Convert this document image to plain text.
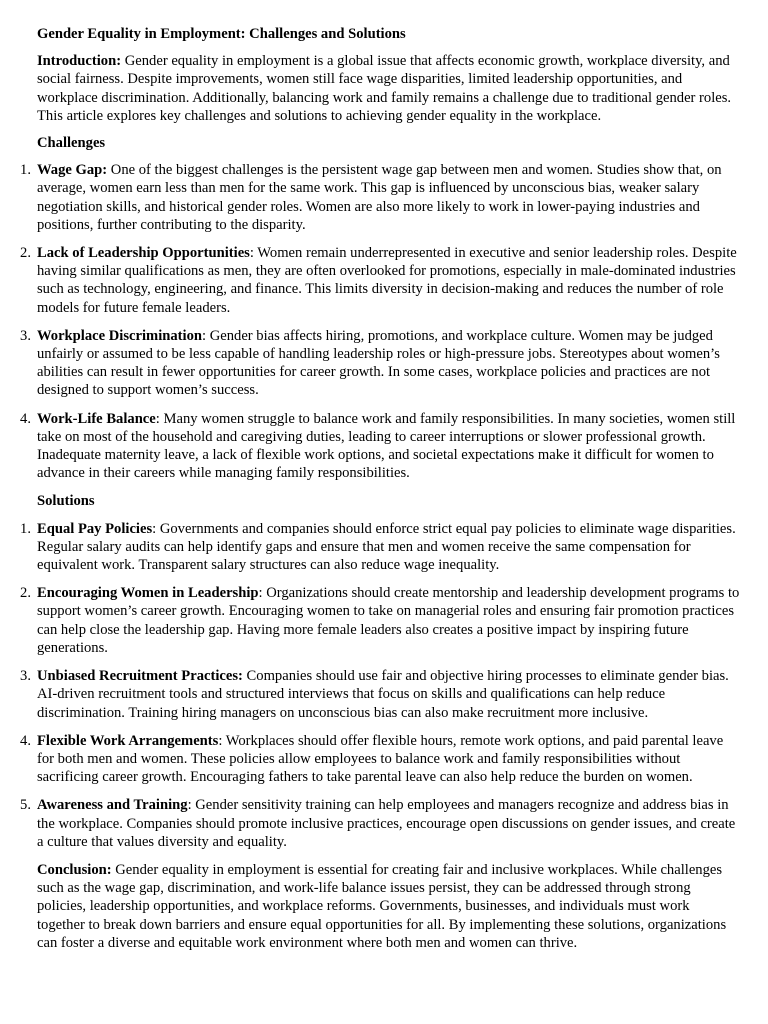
Gender Equality in Employment: Challenges and Solutions

Introduction: Gender equality in employment is a global issue that affects economic growth, workplace diversity, and social fairness. Despite improvements, women still face wage disparities, limited leadership opportunities, and workplace discrimination. Additionally, balancing work and family remains a challenge due to traditional gender roles. This article explores key challenges and solutions to achieving gender equality in the workplace.

Challenges
1. Wage Gap: One of the biggest challenges is the persistent wage gap between men and women. Studies show that, on average, women earn less than men for the same work. This gap is influenced by unconscious bias, weaker salary negotiation skills, and historical gender roles. Women are also more likely to work in lower-paying industries and positions, further contributing to the disparity.
2. Lack of Leadership Opportunities: Women remain underrepresented in executive and senior leadership roles. Despite having similar qualifications as men, they are often overlooked for promotions, especially in male-dominated industries such as technology, engineering, and finance. This limits diversity in decision-making and reduces the number of role models for future female leaders.
3. Workplace Discrimination: Gender bias affects hiring, promotions, and workplace culture. Women may be judged unfairly or assumed to be less capable of handling leadership roles or high-pressure jobs. Stereotypes about women’s abilities can result in fewer opportunities for career growth. In some cases, workplace policies and practices are not designed to support women’s success.
4. Work-Life Balance: Many women struggle to balance work and family responsibilities. In many societies, women still take on most of the household and caregiving duties, leading to career interruptions or slower professional growth. Inadequate maternity leave, a lack of flexible work options, and societal expectations make it difficult for women to advance in their careers while managing family responsibilities.
Solutions
1. Equal Pay Policies: Governments and companies should enforce strict equal pay policies to eliminate wage disparities. Regular salary audits can help identify gaps and ensure that men and women receive the same compensation for equivalent work. Transparent salary structures can also reduce wage inequality.
2. Encouraging Women in Leadership: Organizations should create mentorship and leadership development programs to support women’s career growth. Encouraging women to take on managerial roles and ensuring fair promotion practices can help close the leadership gap. Having more female leaders also creates a positive impact by inspiring future generations.
3. Unbiased Recruitment Practices: Companies should use fair and objective hiring processes to eliminate gender bias. AI-driven recruitment tools and structured interviews that focus on skills and qualifications can help reduce discrimination. Training hiring managers on unconscious bias can also make recruitment more inclusive.
4. Flexible Work Arrangements: Workplaces should offer flexible hours, remote work options, and paid parental leave for both men and women. These policies allow employees to balance work and family responsibilities without sacrificing career growth. Encouraging fathers to take parental leave can also help reduce the burden on women.
5. Awareness and Training: Gender sensitivity training can help employees and managers recognize and address bias in the workplace. Companies should promote inclusive practices, encourage open discussions on gender issues, and create a culture that values diversity and equality.

Conclusion: Gender equality in employment is essential for creating fair and inclusive workplaces. While challenges such as the wage gap, discrimination, and work-life balance issues persist, they can be addressed through strong policies, leadership opportunities, and workplace reforms. Governments, businesses, and individuals must work together to break down barriers and ensure equal opportunities for all. By implementing these solutions, organizations can foster a diverse and equitable work environment where both men and women can thrive.
